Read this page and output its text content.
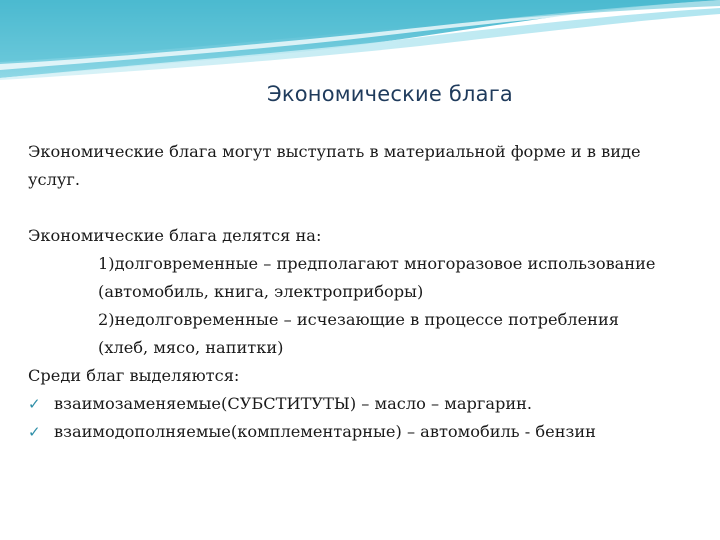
Экономические блага

Экономические блага могут выступать в материальной форме и в виде

услуг.

Экономические блага делятся на:

1)долговременные – предполагают многоразовое использование

(автомобиль, книга, электроприборы)

2)недолговременные – исчезающие в процессе потребления

(хлеб, мясо, напитки)

Среди благ выделяются:

✓ взаимозаменяемые(СУБСТИТУТЫ) – масло – маргарин.
✓ взаимодополняемые(комплементарные) – автомобиль - бензин
